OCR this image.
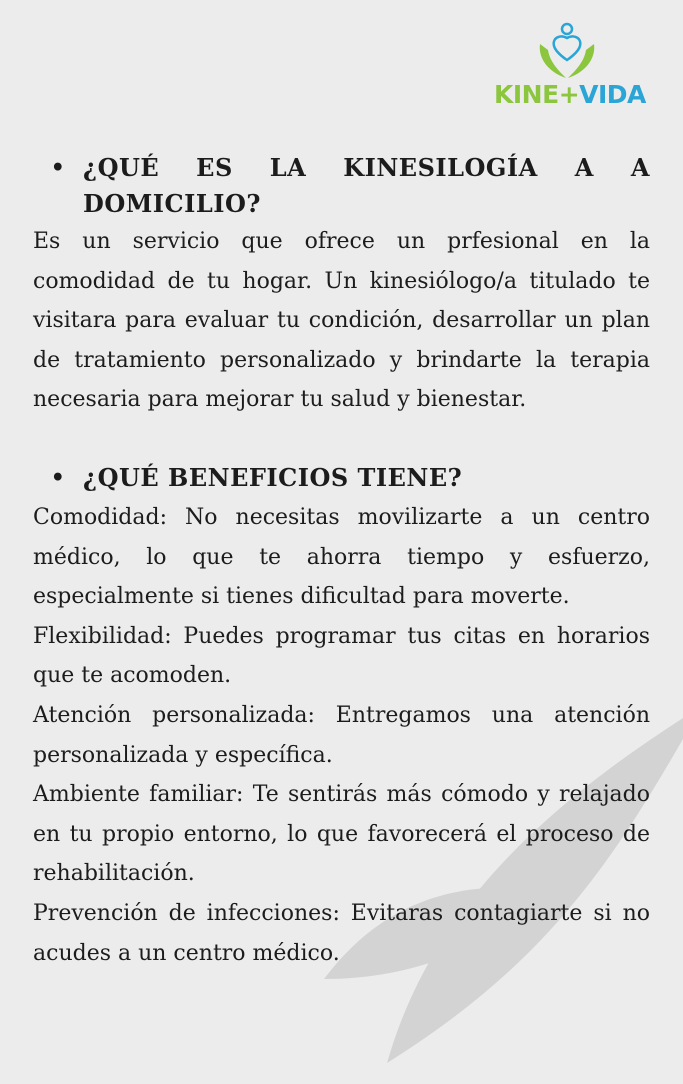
KINE+VIDA
• ¿QUÉ ES LA KINESILOGÍA A A DOMICILIO?

Es un servicio que ofrece un prfesional en la comodidad de tu hogar. Un kinesiólogo/a titulado te visitara para evaluar tu condición, desarrollar un plan de tratamiento personalizado y brindarte la terapia necesaria para mejorar tu salud y bienestar.

• ¿QUÉ BENEFICIOS TIENE?

Comodidad: No necesitas movilizarte a un centro médico, lo que te ahorra tiempo y esfuerzo, especialmente si tienes dificultad para moverte.

Flexibilidad: Puedes programar tus citas en horarios que te acomoden.

Atención personalizada: Entregamos una atención personalizada y específica.

Ambiente familiar: Te sentirás más cómodo y relajado en tu propio entorno, lo que favorecerá el proceso de rehabilitación.

Prevención de infecciones: Evitaras contagiarte si no acudes a un centro médico.
